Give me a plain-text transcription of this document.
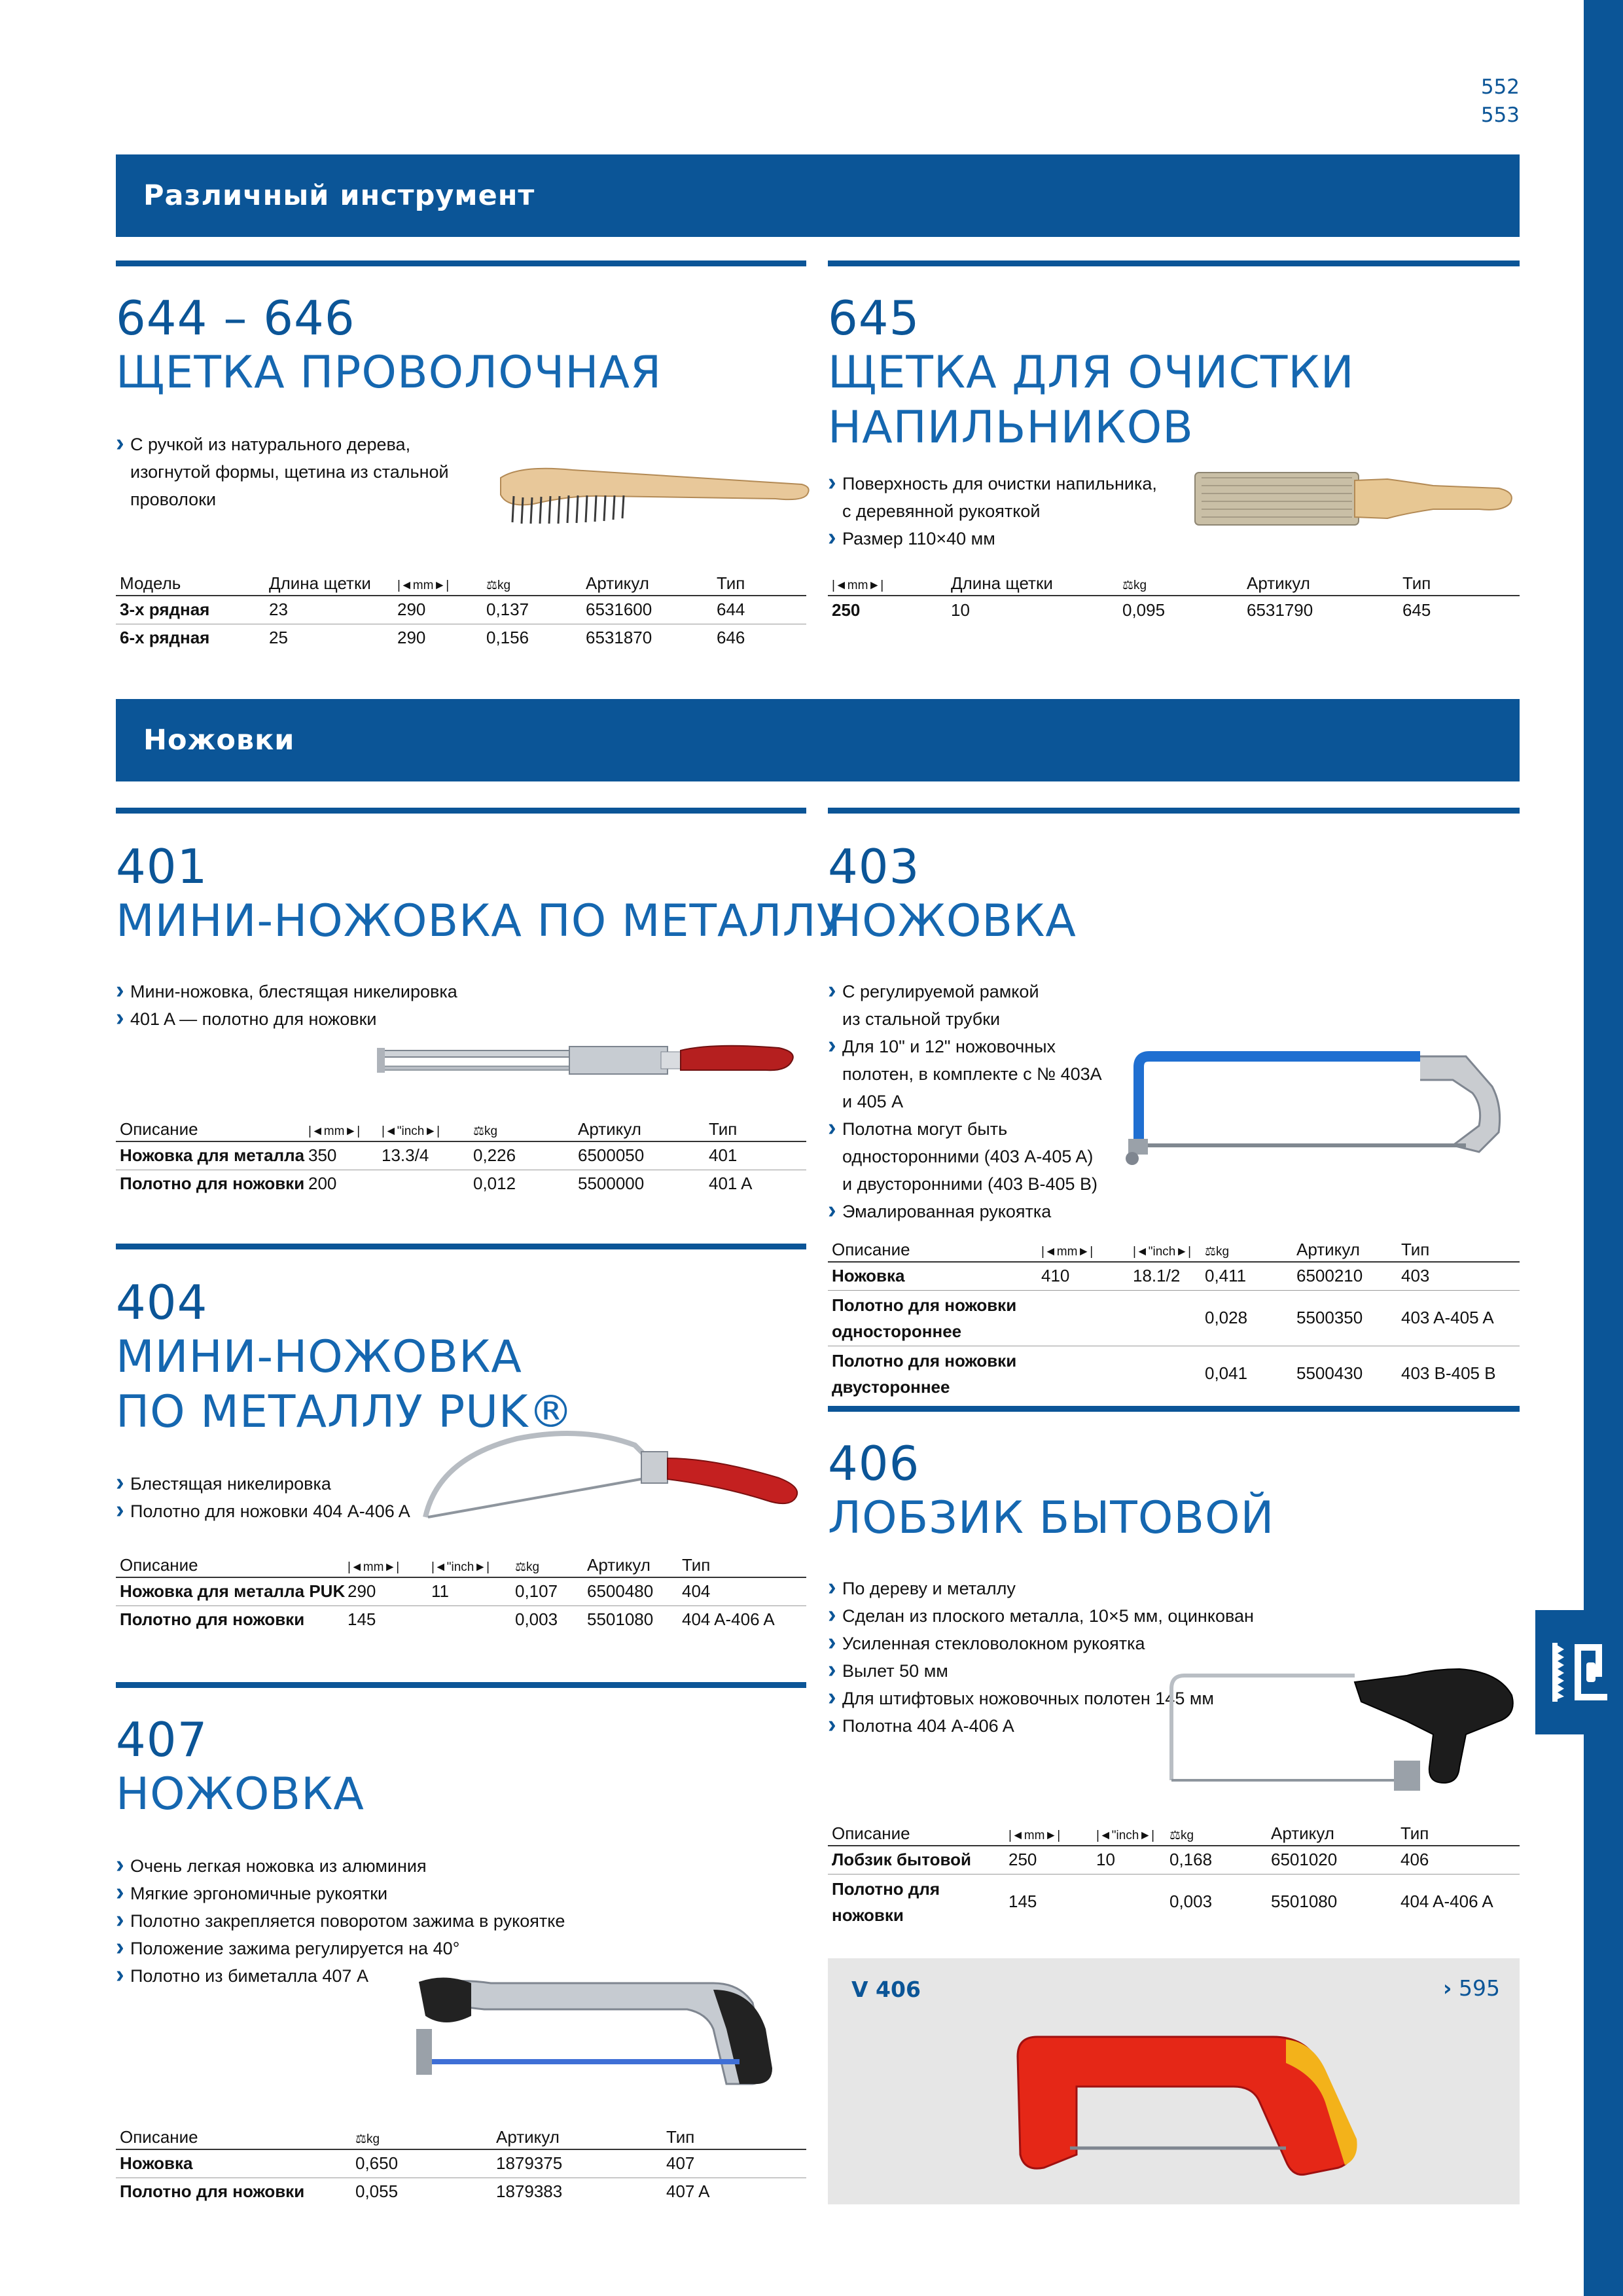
552
553
Различный инструмент
644 – 646
ЩЕТКА ПРОВОЛОЧНАЯ
› С ручкой из натурального дерева,
изогнутой формы, щетина из стальной
проволоки
Модель	Длина щетки	|◄mm►|	⚖kg	Артикул	Тип
3-х рядная	23	290	0,137	6531600	644
6-х рядная	25	290	0,156	6531870	646
645
ЩЕТКА ДЛЯ ОЧИСТКИ
НАПИЛЬНИКОВ
› Поверхность для очистки напильника,
с деревянной рукояткой
› Размер 110×40 мм
|◄mm►|	Длина щетки	⚖kg	Артикул	Тип
250	10	0,095	6531790	645
Ножовки
401
МИНИ-НОЖОВКА ПО МЕТАЛЛУ
› Мини-ножовка, блестящая никелировка
› 401 A — полотно для ножовки
Описание	|◄mm►|	|◄"inch►|	⚖kg	Артикул	Тип
Ножовка для металла	350	13.3/4	0,226	6500050	401
Полотно для ножовки	200		0,012	5500000	401 A
403
НОЖОВКА
› С регулируемой рамкой
из стальной трубки
› Для 10" и 12" ножовочных
полотен, в комплекте с № 403A
и 405 A
› Полотна могут быть
односторонними (403 A-405 A)
и двусторонними (403 B-405 B)
› Эмалированная рукоятка
Описание	|◄mm►|	|◄"inch►|	⚖kg	Артикул	Тип
Ножовка	410	18.1/2	0,411	6500210	403
Полотно для ножовки одностороннее			0,028	5500350	403 A-405 A
Полотно для ножовки двустороннее			0,041	5500430	403 B-405 B
404
МИНИ-НОЖОВКА
ПО МЕТАЛЛУ PUK®
› Блестящая никелировка
› Полотно для ножовки 404 A-406 A
Описание	|◄mm►|	|◄"inch►|	⚖kg	Артикул	Тип
Ножовка для металла PUK	290	11	0,107	6500480	404
Полотно для ножовки	145		0,003	5501080	404 A-406 A
406
ЛОБЗИК БЫТОВОЙ
› По дереву и металлу
› Сделан из плоского металла, 10×5 мм, оцинкован
› Усиленная стекловолокном рукоятка
› Вылет 50 мм
› Для штифтовых ножовочных полотен 145 мм
› Полотна 404 A-406 A
Описание	|◄mm►|	|◄"inch►|	⚖kg	Артикул	Тип
Лобзик бытовой	250	10	0,168	6501020	406
Полотно для ножовки	145		0,003	5501080	404 A-406 A
407
НОЖОВКА
› Очень легкая ножовка из алюминия
› Мягкие эргономичные рукоятки
› Полотно закрепляется поворотом зажима в рукоятке
› Положение зажима регулируется на 40°
› Полотно из биметалла 407 A
Описание	⚖kg	Артикул	Тип
Ножовка	0,650	1879375	407
Полотно для ножовки	0,055	1879383	407 A
V 406	› 595
